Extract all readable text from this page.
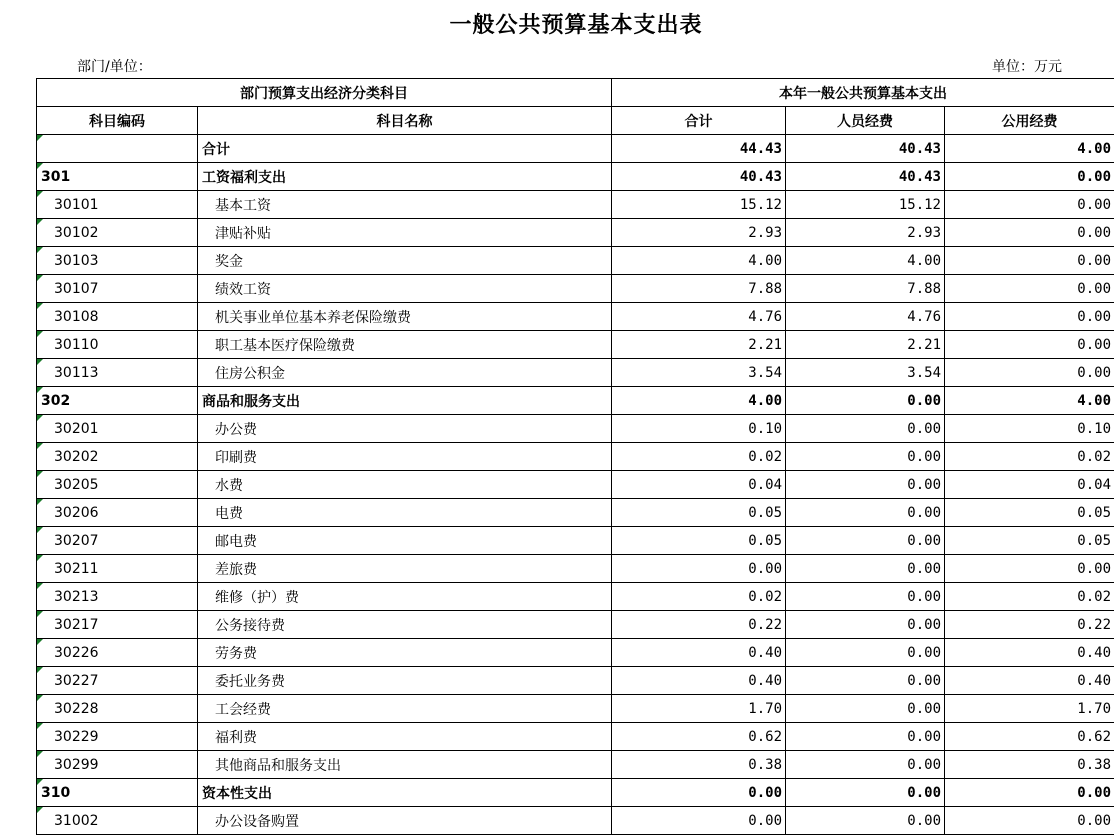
一般公共预算基本支出表
部门/单位：	单位：万元
部门预算支出经济分类科目		本年一般公共预算基本支出		
科目编码	科目名称	合计	人员经费	公用经费
	合计	44.43	40.43	4.00
301	工资福利支出	40.43	40.43	0.00
30101	基本工资	15.12	15.12	0.00
30102	津贴补贴	2.93	2.93	0.00
30103	奖金	4.00	4.00	0.00
30107	绩效工资	7.88	7.88	0.00
30108	机关事业单位基本养老保险缴费	4.76	4.76	0.00
30110	职工基本医疗保险缴费	2.21	2.21	0.00
30113	住房公积金	3.54	3.54	0.00
302	商品和服务支出	4.00	0.00	4.00
30201	办公费	0.10	0.00	0.10
30202	印刷费	0.02	0.00	0.02
30205	水费	0.04	0.00	0.04
30206	电费	0.05	0.00	0.05
30207	邮电费	0.05	0.00	0.05
30211	差旅费	0.00	0.00	0.00
30213	维修（护）费	0.02	0.00	0.02
30217	公务接待费	0.22	0.00	0.22
30226	劳务费	0.40	0.00	0.40
30227	委托业务费	0.40	0.00	0.40
30228	工会经费	1.70	0.00	1.70
30229	福利费	0.62	0.00	0.62
30299	其他商品和服务支出	0.38	0.00	0.38
310	资本性支出	0.00	0.00	0.00
31002	办公设备购置	0.00	0.00	0.00
